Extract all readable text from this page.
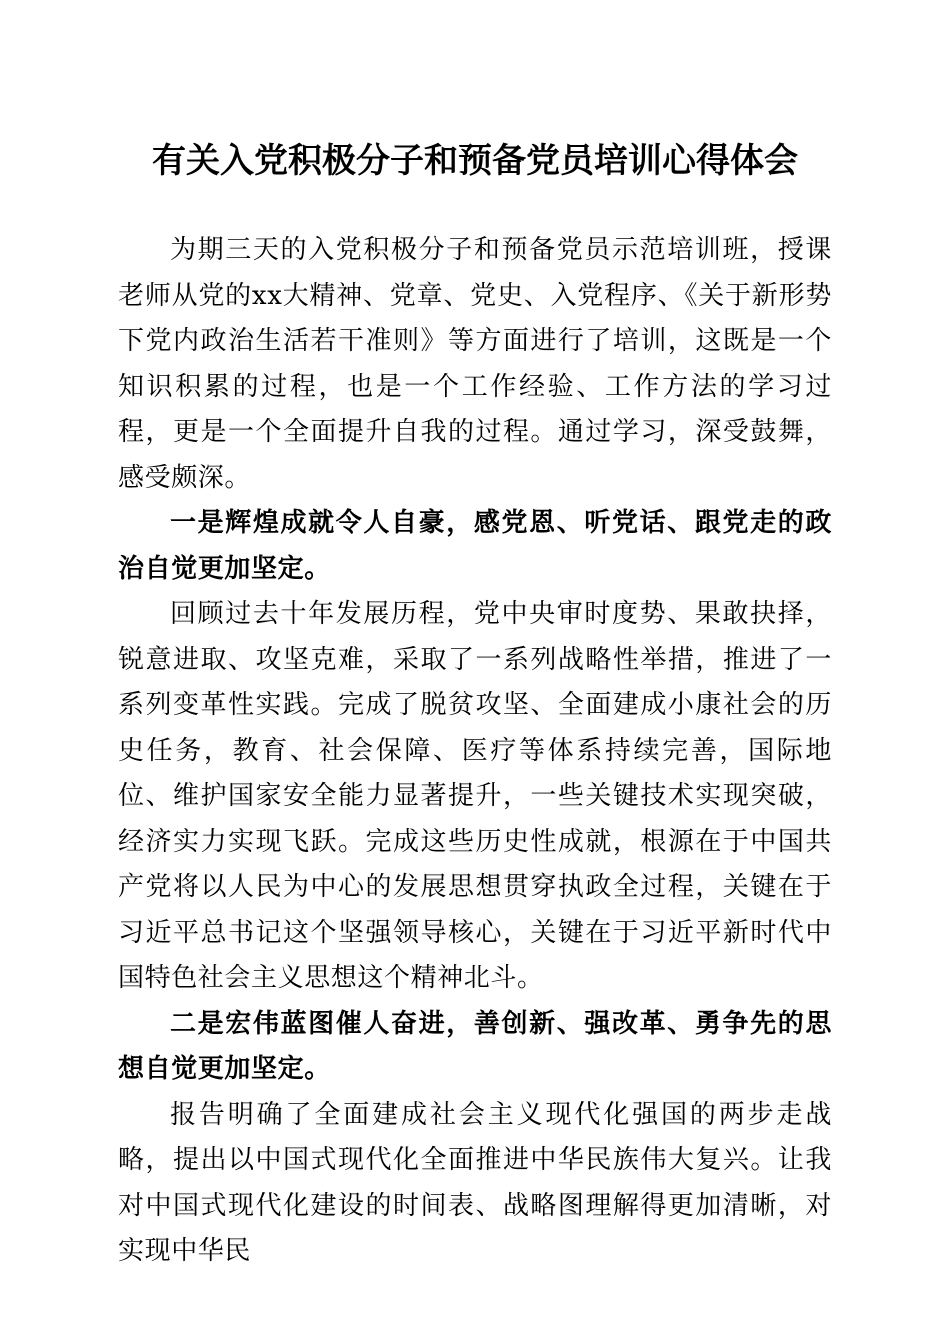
有关入党积极分子和预备党员培训心得体会

为期三天的入党积极分子和预备党员示范培训班，授课老师从党的xx大精神、党章、党史、入党程序、《关于新形势下党内政治生活若干准则》等方面进行了培训，这既是一个知识积累的过程，也是一个工作经验、工作方法的学习过程，更是一个全面提升自我的过程。通过学习，深受鼓舞，感受颇深。

一是辉煌成就令人自豪，感党恩、听党话、跟党走的政治自觉更加坚定。

回顾过去十年发展历程，党中央审时度势、果敢抉择，锐意进取、攻坚克难，采取了一系列战略性举措，推进了一系列变革性实践。完成了脱贫攻坚、全面建成小康社会的历史任务，教育、社会保障、医疗等体系持续完善，国际地位、维护国家安全能力显著提升，一些关键技术实现突破，经济实力实现飞跃。完成这些历史性成就，根源在于中国共产党将以人民为中心的发展思想贯穿执政全过程，关键在于习近平总书记这个坚强领导核心，关键在于习近平新时代中国特色社会主义思想这个精神北斗。

二是宏伟蓝图催人奋进，善创新、强改革、勇争先的思想自觉更加坚定。

报告明确了全面建成社会主义现代化强国的两步走战略，提出以中国式现代化全面推进中华民族伟大复兴。让我对中国式现代化建设的时间表、战略图理解得更加清晰，对实现中华民
